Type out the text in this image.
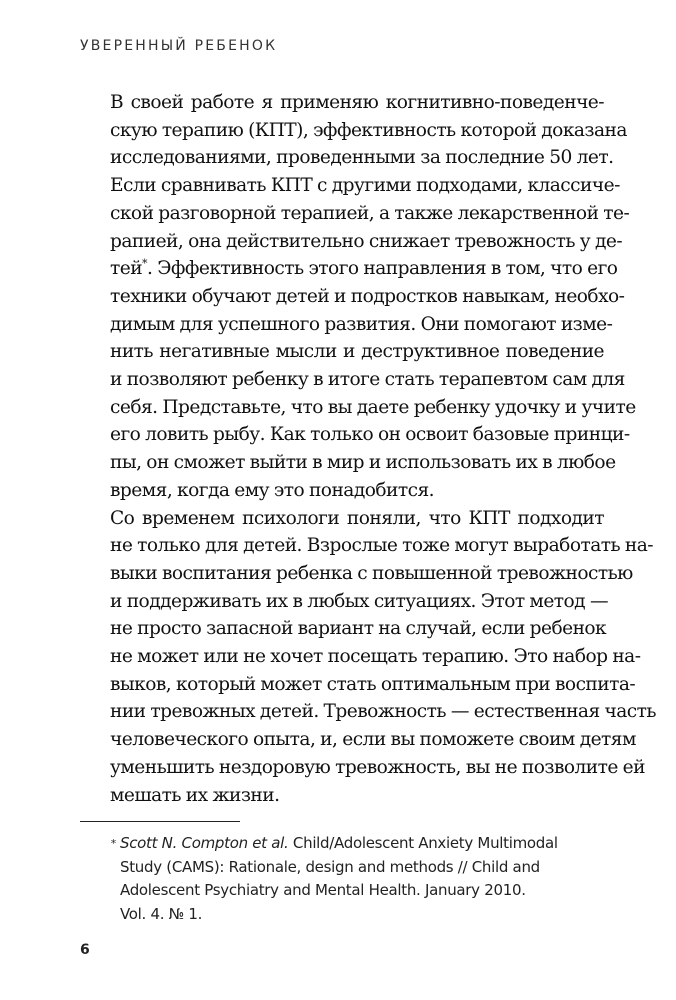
УВЕРЕННЫЙ РЕБЕНОК
В своей работе я применяю когнитивно-поведенче-
скую терапию (КПТ), эффективность которой доказана
исследованиями, проведенными за последние 50 лет.
Если сравнивать КПТ с другими подходами, классиче-
ской разговорной терапией, а также лекарственной те-
рапией, она действительно снижает тревожность у де-
тей*. Эффективность этого направления в том, что его
техники обучают детей и подростков навыкам, необхо-
димым для успешного развития. Они помогают изме-
нить негативные мысли и деструктивное поведение
и позволяют ребенку в итоге стать терапевтом сам для
себя. Представьте, что вы даете ребенку удочку и учите
его ловить рыбу. Как только он освоит базовые принци-
пы, он сможет выйти в мир и использовать их в любое
время, когда ему это понадобится.
Со временем психологи поняли, что КПТ подходит
не только для детей. Взрослые тоже могут выработать на-
выки воспитания ребенка с повышенной тревожностью
и поддерживать их в любых ситуациях. Этот метод —
не просто запасной вариант на случай, если ребенок
не может или не хочет посещать терапию. Это набор на-
выков, который может стать оптимальным при воспита-
нии тревожных детей. Тревожность — естественная часть
человеческого опыта, и, если вы поможете своим детям
уменьшить нездоровую тревожность, вы не позволите ей
мешать их жизни.
* Scott N. Compton et al. Child/Adolescent Anxiety Multimodal
Study (CAMS): Rationale, design and methods // Child and
Adolescent Psychiatry and Mental Health. January 2010.
Vol. 4. № 1.
6
